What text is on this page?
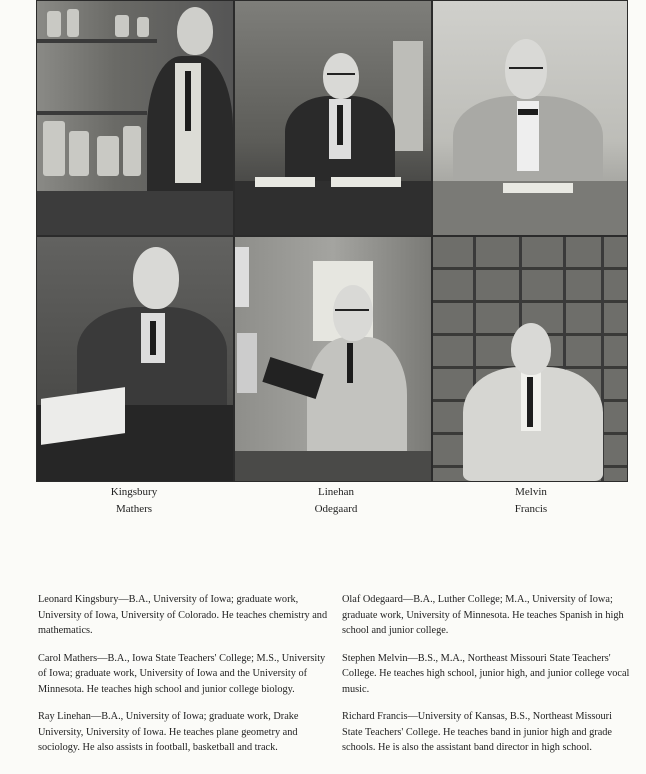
Kingsbury
Mathers
Linehan
Odegaard
Melvin
Francis

Leonard Kingsbury—B.A., University of Iowa; graduate work, University of Iowa, University of Colorado. He teaches chemistry and mathematics.

Carol Mathers—B.A., Iowa State Teachers' College; M.S., University of Iowa; graduate work, University of Iowa and the University of Minnesota. He teaches high school and junior college biology.

Ray Linehan—B.A., University of Iowa; graduate work, Drake University, University of Iowa. He teaches plane geometry and sociology. He also assists in football, basketball and track.

Olaf Odegaard—B.A., Luther College; M.A., University of Iowa; graduate work, University of Minnesota. He teaches Spanish in high school and junior college.

Stephen Melvin—B.S., M.A., Northeast Missouri State Teachers' College. He teaches high school, junior high, and junior college vocal music.

Richard Francis—University of Kansas, B.S., Northeast Missouri State Teachers' College. He teaches band in junior high and grade schools. He is also the assistant band director in high school.
